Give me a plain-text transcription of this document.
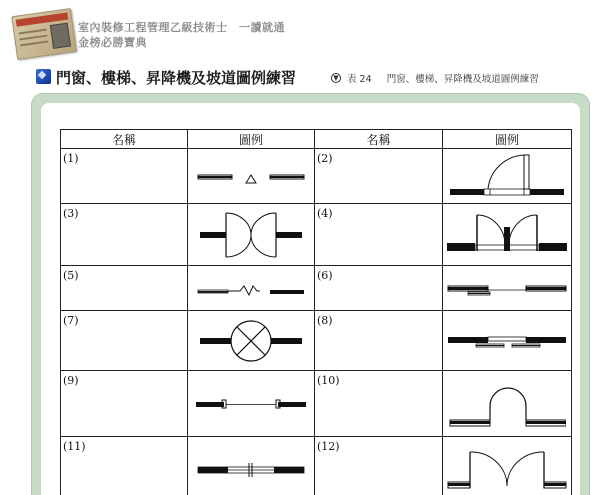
室內裝修工程管理乙級技術士　一讀就通
金榜必勝寶典
門窗、樓梯、昇降機及坡道圖例練習	▼ 表 24 門窗、樓梯、昇降機及坡道圖例練習
名稱	圖例	名稱	圖例
(1)		(2)	

(3)		(4)	

(5)		(6)	

(7)		(8)	

(9)		(10)	

(11)		(12)	
